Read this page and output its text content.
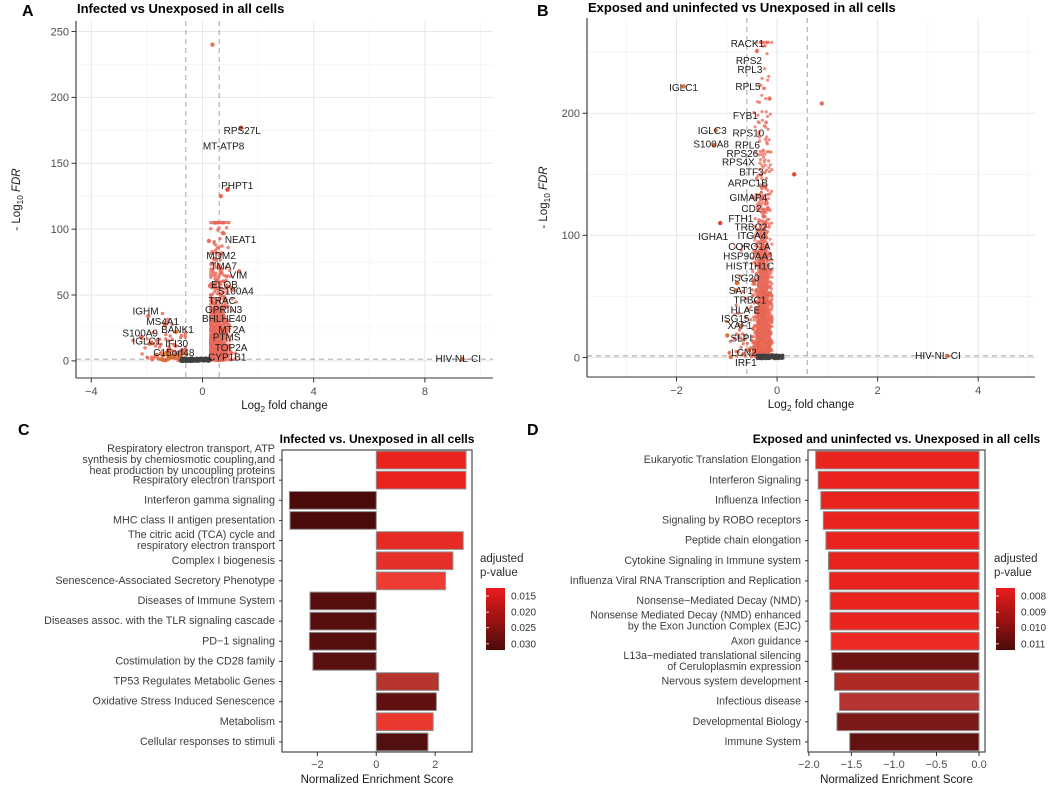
A	B
C	D
−4	0	4	8
0
50
100
150
200
250
RPS27L
MT-ATP8
PHPT1
NEAT1
MDM2
TMA7
VIM
ELOB
S100A4
TRAC
GPRIN3
BHLHE40
MT2A
PTMS
TOP2A
CYP1B1
IGHM
MS4A1
BANK1
S100A9
IGLC1 IFI30
C15orf48
HIV-NL-CI
Infected vs Unexposed in all cells
- Log$_{10}$ FDR
Log$_2$ fold change
−2	0	2	4
0
100
200
RACK1
RPS2
RPL3
RPL5
IGLC1
FYB1
IGLC3 RPS10
S100A8 RPL6
RPS26
RPS4X
BTF3
ARPC1B
GIMAP4
CD2
FTH1
TRBC2
IGHA1 ITGA4
CORO1A
HSP90AA1
HIST1H1C
ISG20
SAT1
TRBC1
HLA-E
ISG15
XAF1
SLPI
LCN2
IRF1
HIV-NL-CI
Exposed and uninfected vs Unexposed in all cells
- Log$_{10}$ FDR
Log$_2$ fold change
Respiratory electron transport, ATP
synthesis by chemiosmotic coupling,and
heat production by uncoupling proteins
Respiratory electron transport
Interferon gamma signaling
MHC class II antigen presentation
The citric acid (TCA) cycle and
respiratory electron transport
Complex I biogenesis
Senescence-Associated Secretory Phenotype
Diseases of Immune System
Diseases assoc. with the TLR signaling cascade
PD−1 signaling
Costimulation by the CD28 family
TP53 Regulates Metabolic Genes
Oxidative Stress Induced Senescence
Metabolism
Cellular responses to stimuli
−2	0	2
Infected vs. Unexposed in all cells
Normalized Enrichment Score
adjusted
p-value
0.015
0.020
0.025
0.030
Eukaryotic Translation Elongation
Interferon Signaling
Influenza Infection
Signaling by ROBO receptors
Peptide chain elongation
Cytokine Signaling in Immune system
Influenza Viral RNA Transcription and Replication
Nonsense−Mediated Decay (NMD)
Nonsense Mediated Decay (NMD) enhanced
by the Exon Junction Complex (EJC)
Axon guidance
L13a−mediated translational silencing
of Ceruloplasmin expression
Nervous system development
Infectious disease
Developmental Biology
Immune System
−2.0 −1.5 −1.0 −0.5 0.0
Exposed and uninfected vs. Unexposed in all cells
Normalized Enrichment Score
adjusted
p-value
0.008
0.009
0.010
0.011
